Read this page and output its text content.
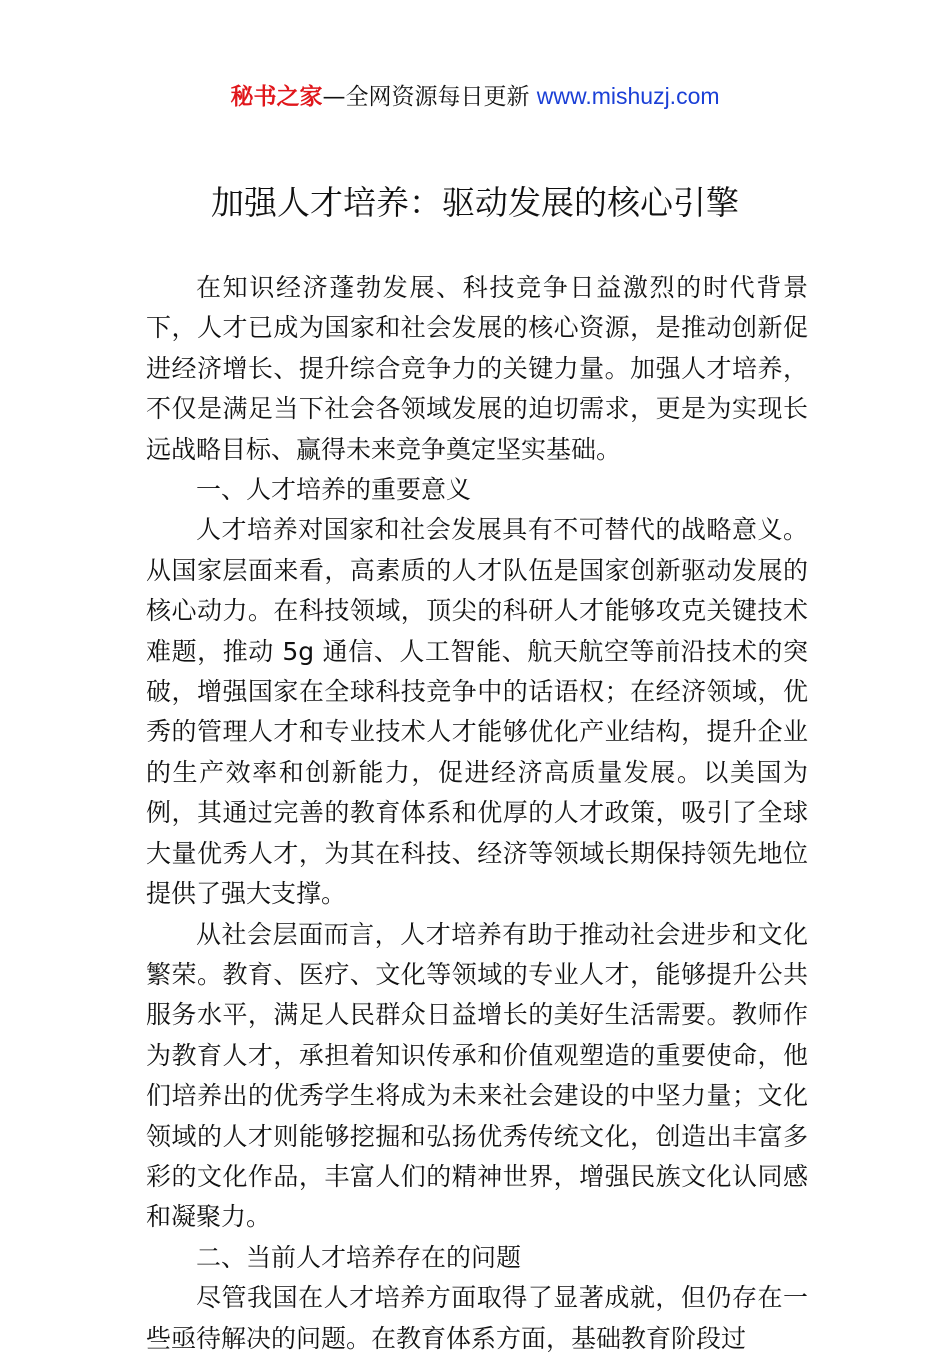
秘书之家—全网资源每日更新 www.mishuzj.com
加强人才培养：驱动发展的核心引擎

在知识经济蓬勃发展、科技竞争日益激烈的时代背景下，人才已成为国家和社会发展的核心资源，是推动创新促进经济增长、提升综合竞争力的关键力量。加强人才培养，不仅是满足当下社会各领域发展的迫切需求，更是为实现长远战略目标、赢得未来竞争奠定坚实基础。

一、人才培养的重要意义

人才培养对国家和社会发展具有不可替代的战略意义。从国家层面来看，高素质的人才队伍是国家创新驱动发展的核心动力。在科技领域，顶尖的科研人才能够攻克关键技术难题，推动 5g 通信、人工智能、航天航空等前沿技术的突破，增强国家在全球科技竞争中的话语权；在经济领域，优秀的管理人才和专业技术人才能够优化产业结构，提升企业的生产效率和创新能力，促进经济高质量发展。以美国为例，其通过完善的教育体系和优厚的人才政策，吸引了全球大量优秀人才，为其在科技、经济等领域长期保持领先地位提供了强大支撑。

从社会层面而言，人才培养有助于推动社会进步和文化繁荣。教育、医疗、文化等领域的专业人才，能够提升公共服务水平，满足人民群众日益增长的美好生活需要。教师作为教育人才，承担着知识传承和价值观塑造的重要使命，他们培养出的优秀学生将成为未来社会建设的中坚力量；文化领域的人才则能够挖掘和弘扬优秀传统文化，创造出丰富多彩的文化作品，丰富人们的精神世界，增强民族文化认同感和凝聚力。

二、当前人才培养存在的问题

尽管我国在人才培养方面取得了显著成就，但仍存在一些亟待解决的问题。在教育体系方面，基础教育阶段过
